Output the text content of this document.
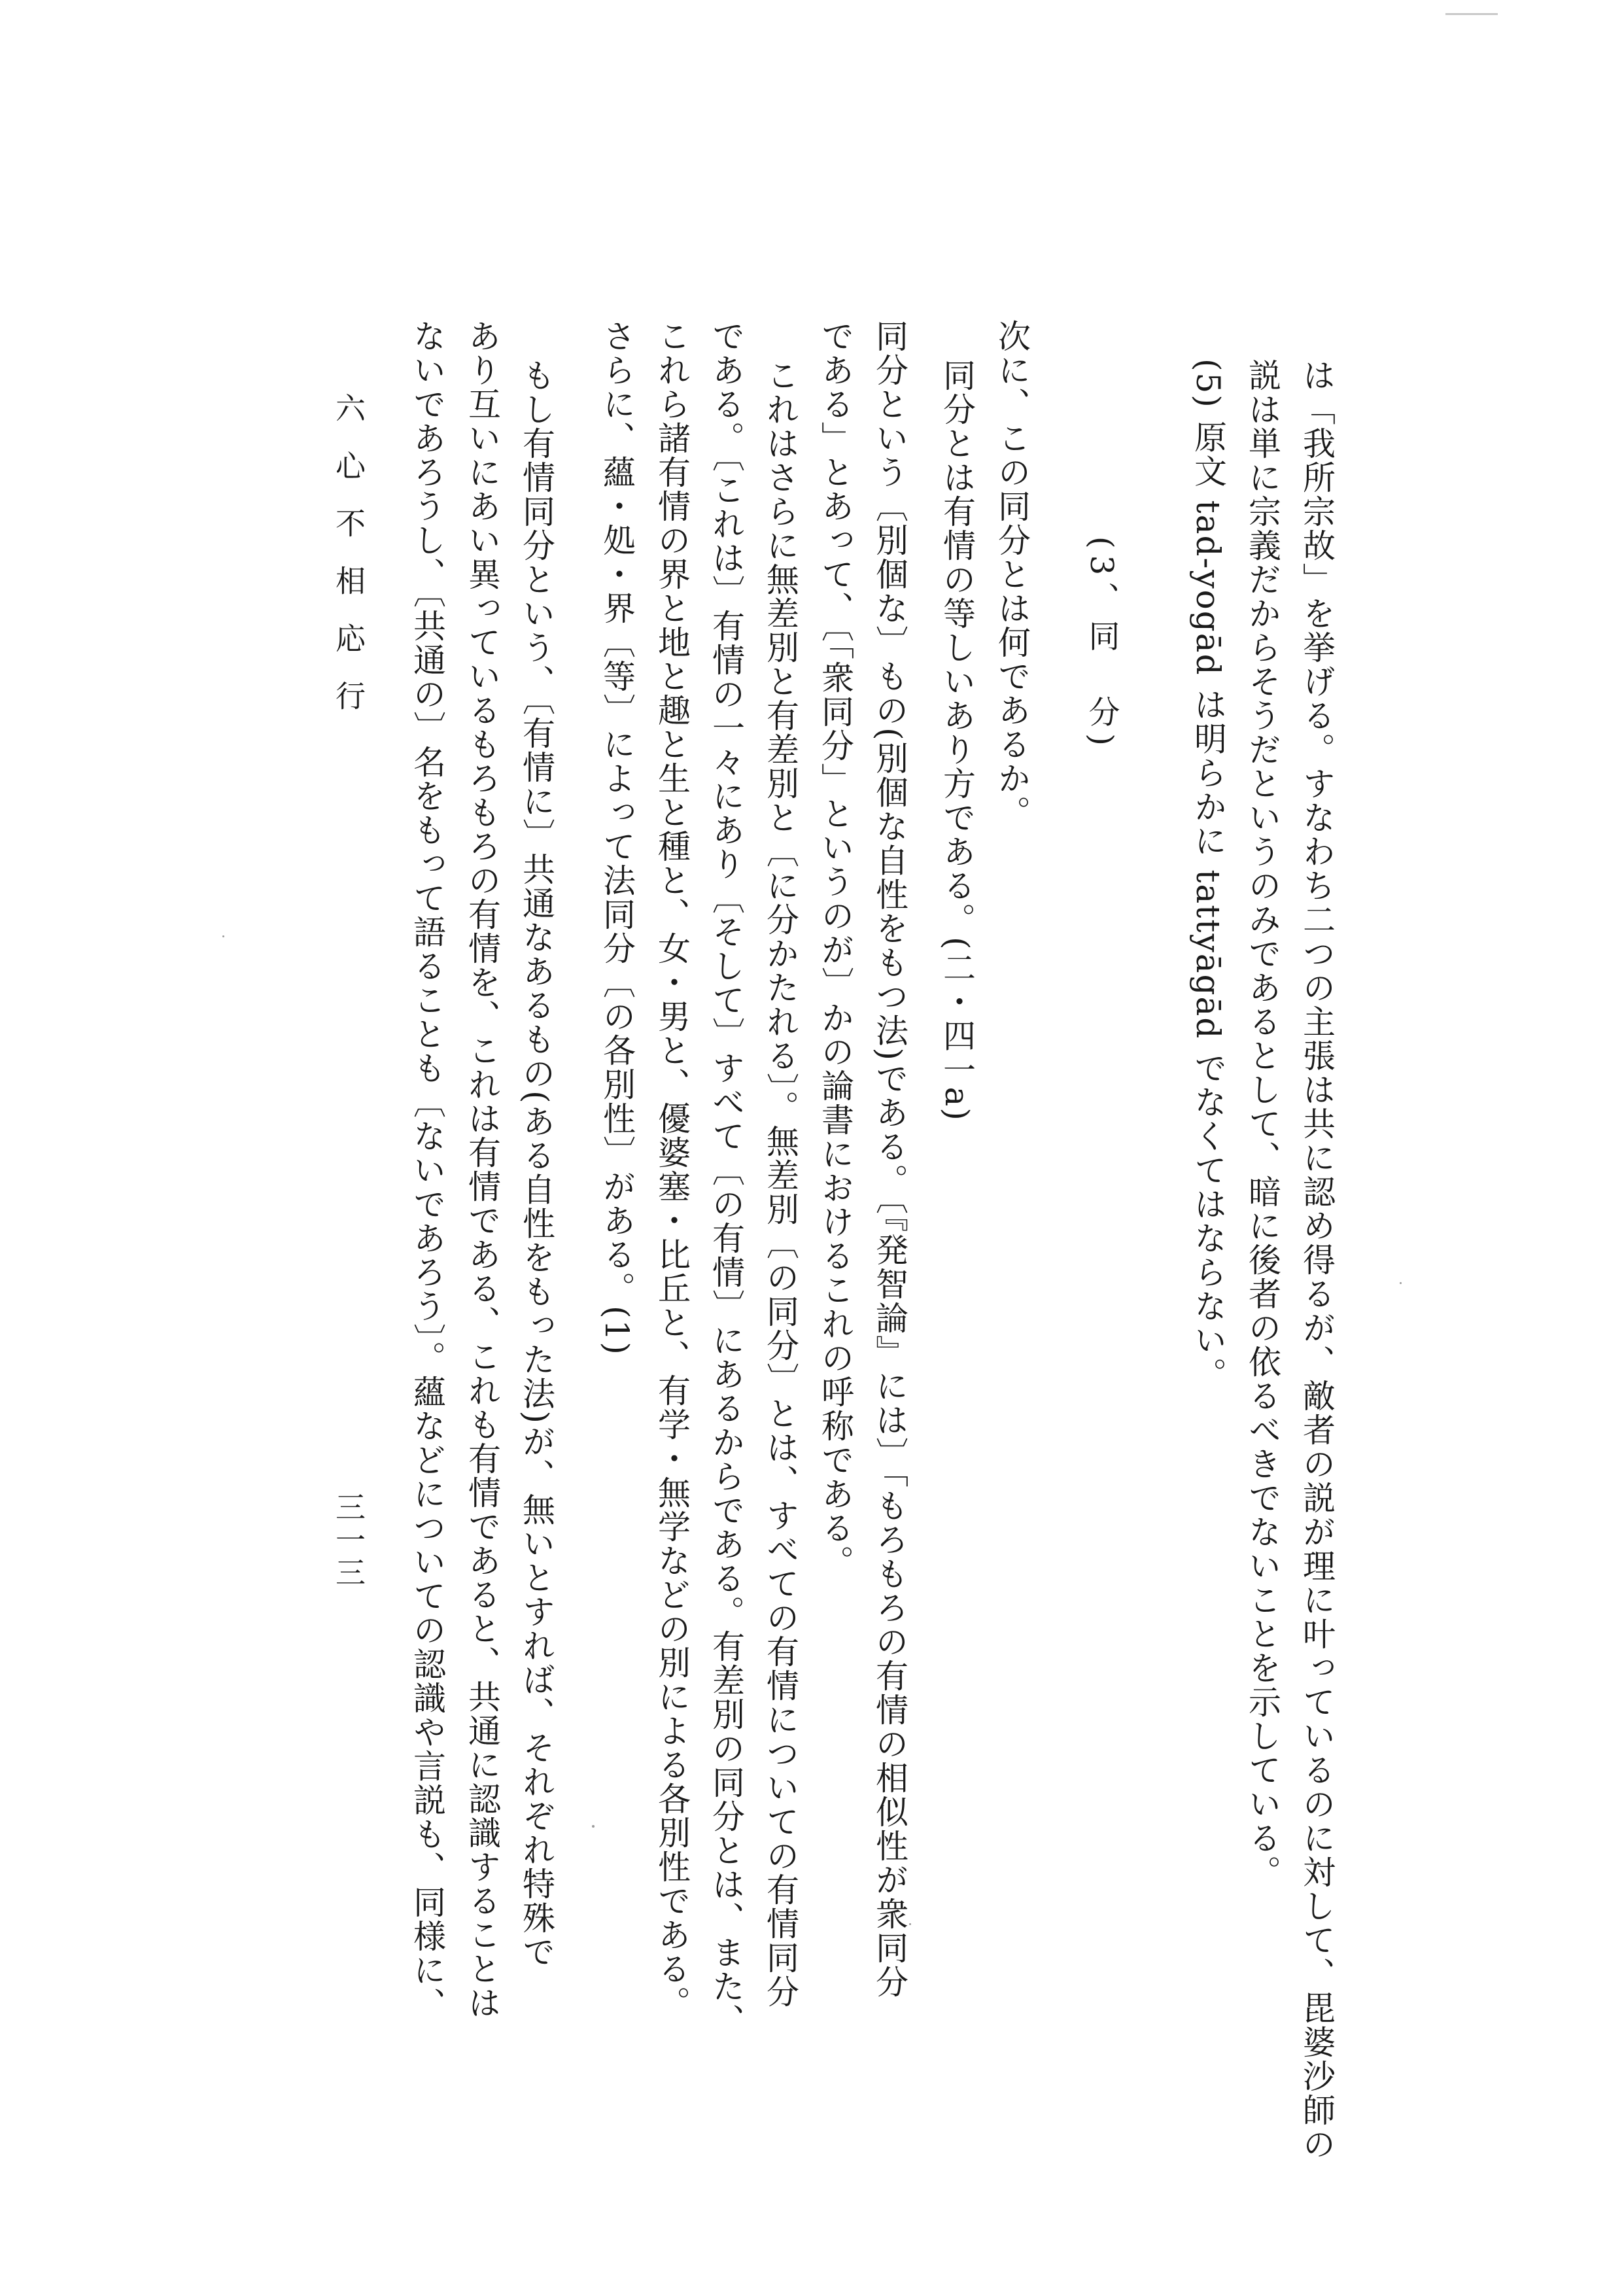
は「我所宗故」を挙げる。すなわち二つの主張は共に認め得るが、敵者の説が理に叶っているのに対して、毘婆沙師の
説は単に宗義だからそうだというのみであるとして、暗に後者の依るべきでないことを示している。
(5) 原文 tad-yogād は明らかに tattyāgād でなくてはならない。
(3、同　分)
次に、この同分とは何であるか。
同分とは有情の等しいあり方である。(二・四一a)
同分という〔別個な〕もの(別個な自性をもつ法)である。〔『発智論』には〕「もろもろの有情の相似性が衆同分
である」とあって、〔「衆同分」というのが〕かの論書におけるこれの呼称である。
これはさらに無差別と有差別と〔に分かたれる〕。無差別〔の同分〕とは、すべての有情についての有情同分
である。〔これは〕有情の一々にあり〔そして〕すべて〔の有情〕にあるからである。有差別の同分とは、また、
これら諸有情の界と地と趣と生と種と、女・男と、優婆塞・比丘と、有学・無学などの別による各別性である。
さらに、蘊・処・界〔等〕によって法同分〔の各別性〕がある。(1)
もし有情同分という、〔有情に〕共通なあるもの(ある自性をもった法)が、無いとすれば、それぞれ特殊で
あり互いにあい異っているもろもろの有情を、これは有情である、これも有情であると、共通に認識することは
ないであろうし、〔共通の〕名をもって語ることも〔ないであろう〕。蘊などについての認識や言説も、同様に、
六心不相応行
三一三
